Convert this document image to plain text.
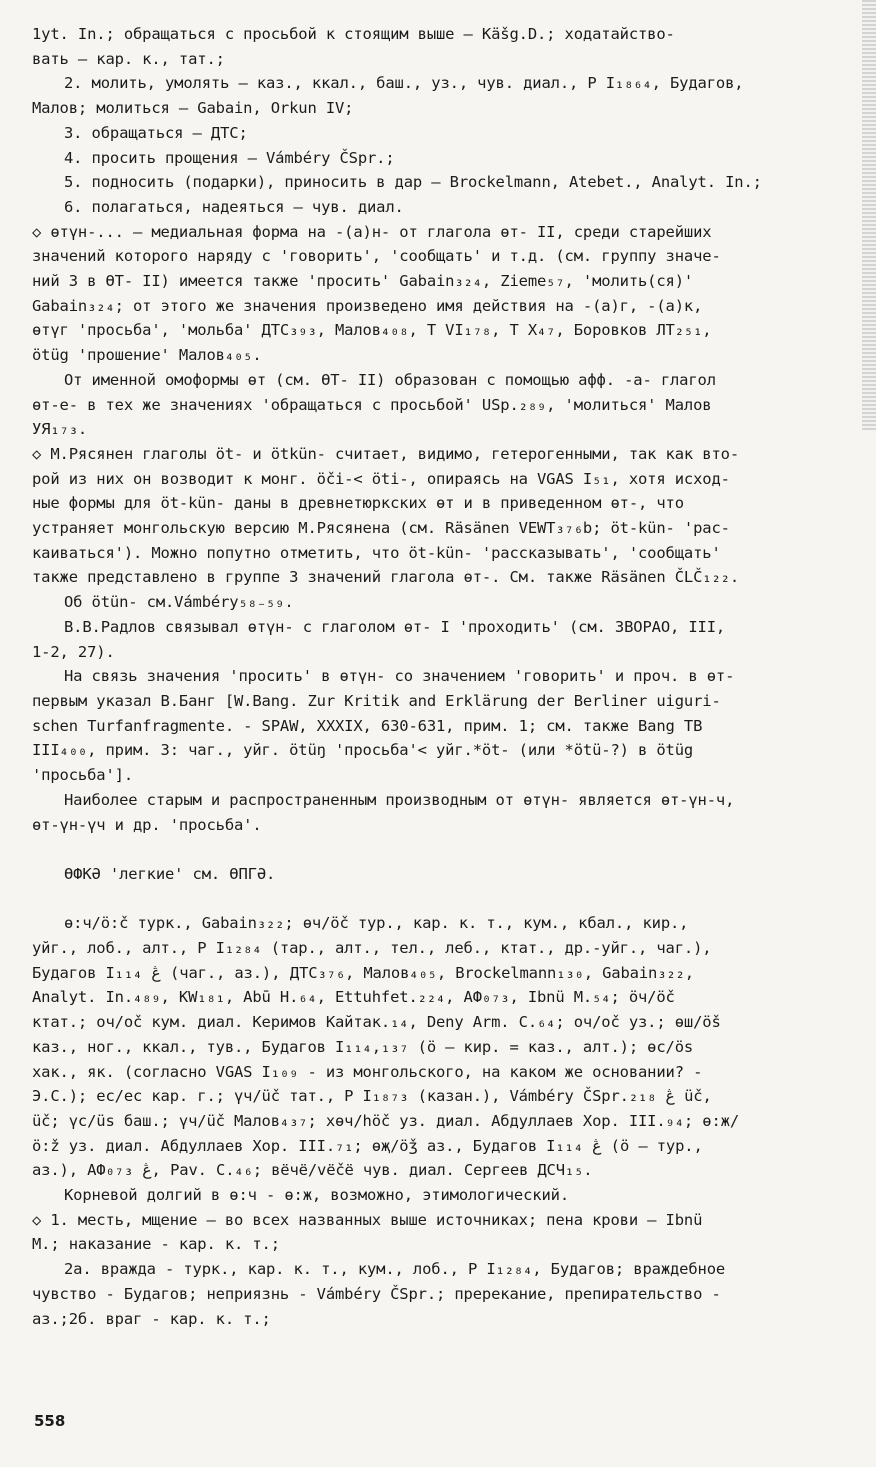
1yt. In.; обращаться с просьбой к стоящим выше – Käšg.D.; ходатайство-
вать – кар. к., тат.;
2. молить, умолять – каз., ккал., баш., уз., чув. диал., Р I₁₈₆₄, Будагов,
Малов; молиться – Gabain, Orkun IV;
3. обращаться – ДТС;
4. просить прощения – Vámbéry ČSpr.;
5. подносить (подарки), приносить в дар – Brockelmann, Atebet., Analyt. In.;
6. полагаться, надеяться – чув. диал.
◇ өтүн-... – медиальная форма на -(а)н- от глагола өт- II, среди старейших
значений которого наряду с 'говорить', 'сообщать' и т.д. (см. группу значе-
ний 3 в ӨТ- II) имеется также 'просить' Gabain₃₂₄, Zieme₅₇, 'молить(ся)'
Gabain₃₂₄; от этого же значения произведено имя действия на -(а)г, -(а)к,
өтүг 'просьба', 'мольба' ДТС₃₉₃, Малов₄₀₈, Т VI₁₇₈, Т X₄₇, Боровков ЛТ₂₅₁,
ötüg 'прошение' Малов₄₀₅.
От именной омоформы өт (см. ӨТ- II) образован с помощью афф. -а- глагол
өт-е- в тех же значениях 'обращаться с просьбой' USp.₂₈₉, 'молиться' Малов
УЯ₁₇₃.
◇ М.Рясянен глаголы öt- и ötkün- считает, видимо, гетерогенными, так как вто-
рой из них он возводит к монг. öči-< öti-, опираясь на VGAS I₅₁, хотя исход-
ные формы для öt-kün- даны в древнетюркских өт и в приведенном өт-, что
устраняет монгольскую версию М.Рясянена (см. Räsänen VEWT₃₇₆b; öt-kün- 'рас-
каиваться'). Можно попутно отметить, что öt-kün- 'рассказывать', 'сообщать'
также представлено в группе 3 значений глагола өт-. См. также Räsänen ČLČ₁₂₂.
Об ötün- см.Vámbéry₅₈₋₅₉.
В.В.Радлов связывал өтүн- с глаголом өт- I 'проходить' (см. ЗВОРАО, III,
1-2, 27).
На связь значения 'просить' в өтүн- со значением 'говорить' и проч. в өт-
первым указал В.Банг [W.Bang. Zur Kritik and Erklärung der Berliner uiguri-
schen Turfanfragmente. - SPAW, XXXIX, 630-631, прим. 1; см. также Bang TB
III₄₀₀, прим. 3: чаг., уйг. ötüŋ 'просьба'< уйг.*öt- (или *ötü-?) в ötüg
'просьба'].
Наиболее старым и распространенным производным от өтүн- является өт-үн-ч,
өт-үн-үч и др. 'просьба'.
ӨФКӘ 'легкие' см. ӨПГӘ.
ө:ч/ö:č турк., Gabain₃₂₂; өч/öč тур., кар. к. т., кум., кбал., кир.,
уйг., лоб., алт., Р I₁₂₈₄ (тар., алт., тел., леб., ктат., др.-уйг., чаг.),
Будагов I₁₁₄ ڠ (чаг., аз.), ДТС₃₇₆, Малов₄₀₅, Brockelmann₁₃₀, Gabain₃₂₂,
Analyt. In.₄₈₉, KW₁₈₁, Abū H.₆₄, Ettuhfet.₂₂₄, АФ₀₇₃, Ibnü M.₅₄; öч/öč
ктат.; оч/оč кум. диал. Керимов Кайтак.₁₄, Deny Arm. C.₆₄; оч/оč уз.; өш/öš
каз., ног., ккал., тув., Будагов I₁₁₄,₁₃₇ (ö – кир. = каз., алт.); өс/ös
хак., як. (согласно VGAS I₁₀₉ - из монгольского, на каком же основании? -
Э.С.); ес/ес кар. г.; үч/üč тат., Р I₁₈₇₃ (казан.), Vámbéry ČSpr.₂₁₈ ڠ üč,
üč; үс/üs баш.; үч/üč Малов₄₃₇; хөч/höč уз. диал. Абдуллаев Хор. III.₉₄; ө:ж/
ö:ž уз. диал. Абдуллаев Хор. III.₇₁; өҗ/öǯ аз., Будагов I₁₁₄ ڠ (ö – тур.,
аз.), АФ₀₇₃ ڠ, Pav. C.₄₆; вёчё/vёčё чув. диал. Сергеев ДСЧ₁₅.
Корневой долгий в ө:ч - ө:ж, возможно, этимологический.
◇ 1. месть, мщение – во всех названных выше источниках; пена крови – Ibnü
М.; наказание - кар. к. т.;
2а. вражда - турк., кар. к. т., кум., лоб., Р I₁₂₈₄, Будагов; враждебное
чувство - Будагов; неприязнь - Vámbéry ČSpr.; пререкание, препирательство -
аз.;2б. враг - кар. к. т.;
558
